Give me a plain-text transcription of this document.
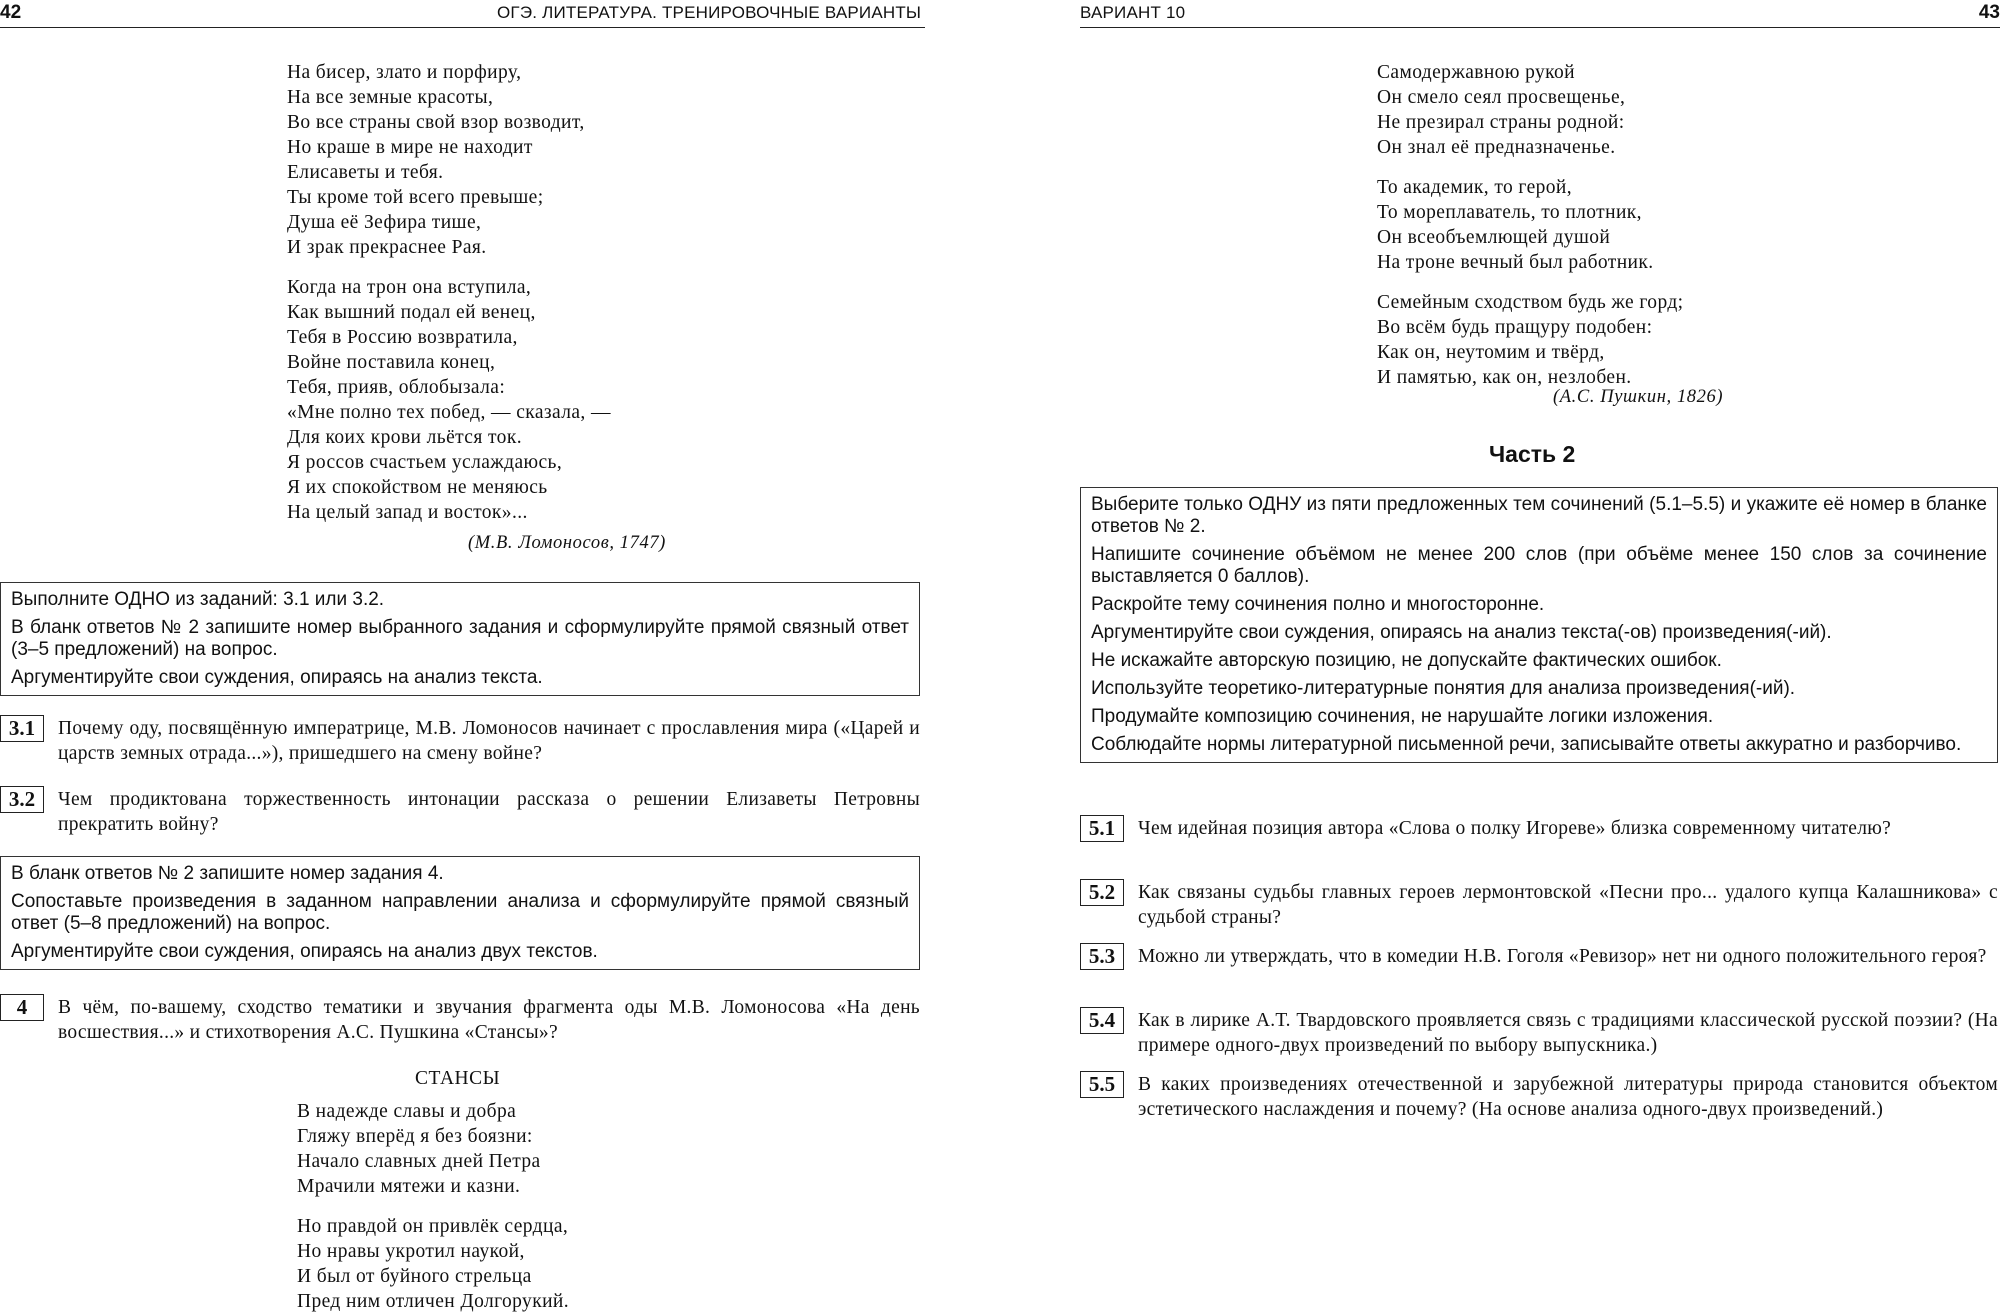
42	ОГЭ. ЛИТЕРАТУРА. ТРЕНИРОВОЧНЫЕ ВАРИАНТЫ
На бисер, злато и порфиру,
На все земные красоты,
Во все страны свой взор возводит,
Но краше в мире не находит
Елисаветы и тебя.
Ты кроме той всего превыше;
Душа её Зефира тише,
И зрак прекраснее Рая.
Когда на трон она вступила,
Как вышний подал ей венец,
Тебя в Россию возвратила,
Войне поставила конец,
Тебя, прияв, облобызала:
«Мне полно тех побед, — сказала, —
Для коих крови льётся ток.
Я россов счастьем услаждаюсь,
Я их спокойством не меняюсь
На целый запад и восток»...
(М.В. Ломоносов, 1747)

Выполните ОДНО из заданий: 3.1 или 3.2.

В бланк ответов № 2 запишите номер выбранного задания и сформулируйте прямой связный ответ (3–5 предложений) на вопрос.

Аргументируйте свои суждения, опираясь на анализ текста.

3.1	Почему оду, посвящённую императрице, М.В. Ломоносов начинает с прославления мира («Царей и царств земных отрада...»), пришедшего на смену войне?
3.2	Чем продиктована торжественность интонации рассказа о решении Елизаветы Петровны прекратить войну?

В бланк ответов № 2 запишите номер задания 4.

Сопоставьте произведения в заданном направлении анализа и сформулируйте прямой связный ответ (5–8 предложений) на вопрос.

Аргументируйте свои суждения, опираясь на анализ двух текстов.

4	В чём, по-вашему, сходство тематики и звучания фрагмента оды М.В. Ломоносова «На день восшествия...» и стихотворения А.С. Пушкина «Стансы»?
СТАНСЫ
В надежде славы и добра
Гляжу вперёд я без боязни:
Начало славных дней Петра
Мрачили мятежи и казни.
Но правдой он привлёк сердца,
Но нравы укротил наукой,
И был от буйного стрельца
Пред ним отличен Долгорукий.
ВАРИАНТ 10	43
Самодержавною рукой
Он смело сеял просвещенье,
Не презирал страны родной:
Он знал её предназначенье.
То академик, то герой,
То мореплаватель, то плотник,
Он всеобъемлющей душой
На троне вечный был работник.
Семейным сходством будь же горд;
Во всём будь пращуру подобен:
Как он, неутомим и твёрд,
И памятью, как он, незлобен.
(А.С. Пушкин, 1826)
Часть 2

Выберите только ОДНУ из пяти предложенных тем сочинений (5.1–5.5) и укажите её номер в бланке ответов № 2.

Напишите сочинение объёмом не менее 200 слов (при объёме менее 150 слов за сочинение выставляется 0 баллов).

Раскройте тему сочинения полно и многосторонне.

Аргументируйте свои суждения, опираясь на анализ текста(-ов) произведения(-ий).

Не искажайте авторскую позицию, не допускайте фактических ошибок.

Используйте теоретико-литературные понятия для анализа произведения(-ий).

Продумайте композицию сочинения, не нарушайте логики изложения.

Соблюдайте нормы литературной письменной речи, записывайте ответы аккуратно и разборчиво.

5.1	Чем идейная позиция автора «Слова о полку Игореве» близка современному читателю?
5.2	Как связаны судьбы главных героев лермонтовской «Песни про... удалого купца Калашникова» с судьбой страны?
5.3	Можно ли утверждать, что в комедии Н.В. Гоголя «Ревизор» нет ни одного положительного героя?
5.4	Как в лирике А.Т. Твардовского проявляется связь с традициями классической русской поэзии? (На примере одного-двух произведений по выбору выпускника.)
5.5	В каких произведениях отечественной и зарубежной литературы природа становится объектом эстетического наслаждения и почему? (На основе анализа одного-двух произведений.)
